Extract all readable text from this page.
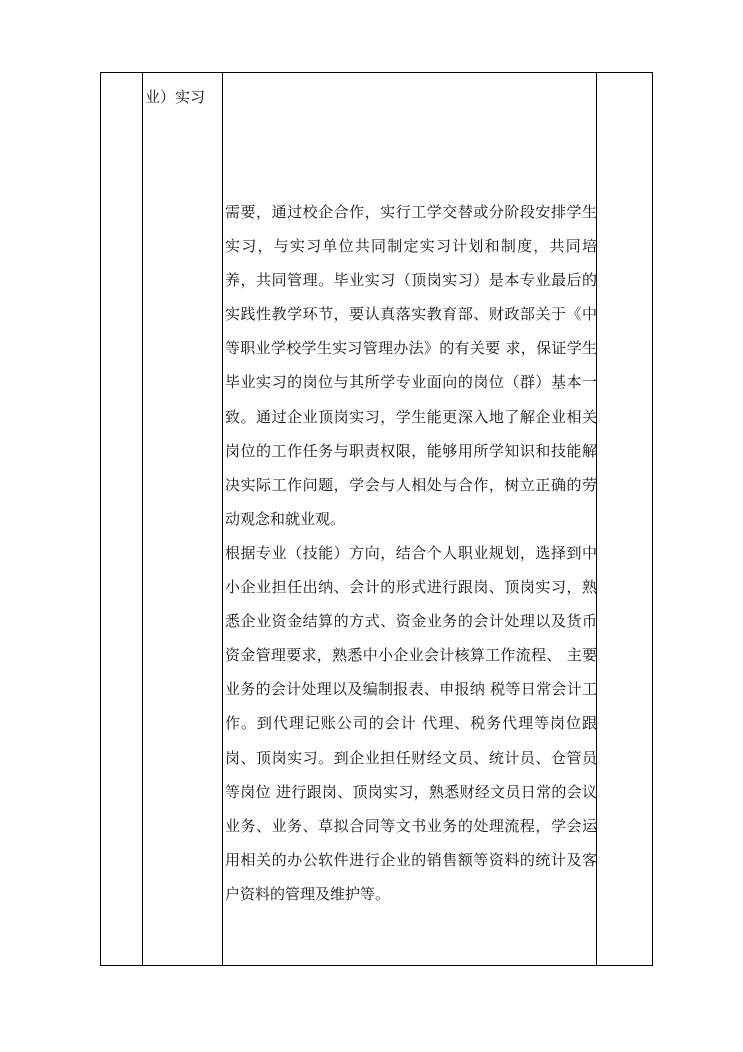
业）实习

需要，通过校企合作，实行工学交替或分阶段安排学生实习，与实习单位共同制定实习计划和制度，共同培养，共同管理。毕业实习（顶岗实习）是本专业最后的实践性教学环节，要认真落实教育部、财政部关于《中等职业学校学生实习管理办法》的有关要 求，保证学生毕业实习的岗位与其所学专业面向的岗位（群）基本一致。通过企业顶岗实习，学生能更深入地了解企业相关岗位的工作任务与职责权限，能够用所学知识和技能解决实际工作问题，学会与人相处与合作，树立正确的劳动观念和就业观。

根据专业（技能）方向，结合个人职业规划，选择到中小企业担任出纳、会计的形式进行跟岗、顶岗实习，熟悉企业资金结算的方式、资金业务的会计处理以及货币资金管理要求，熟悉中小企业会计核算工作流程、 主要业务的会计处理以及编制报表、申报纳 税等日常会计工作。到代理记账公司的会计 代理、税务代理等岗位跟岗、顶岗实习。到企业担任财经文员、统计员、仓管员等岗位 进行跟岗、顶岗实习，熟悉财经文员日常的会议业务、业务、草拟合同等文书业务的处理流程，学会运用相关的办公软件进行企业的销售额等资料的统计及客户资料的管理及维护等。
